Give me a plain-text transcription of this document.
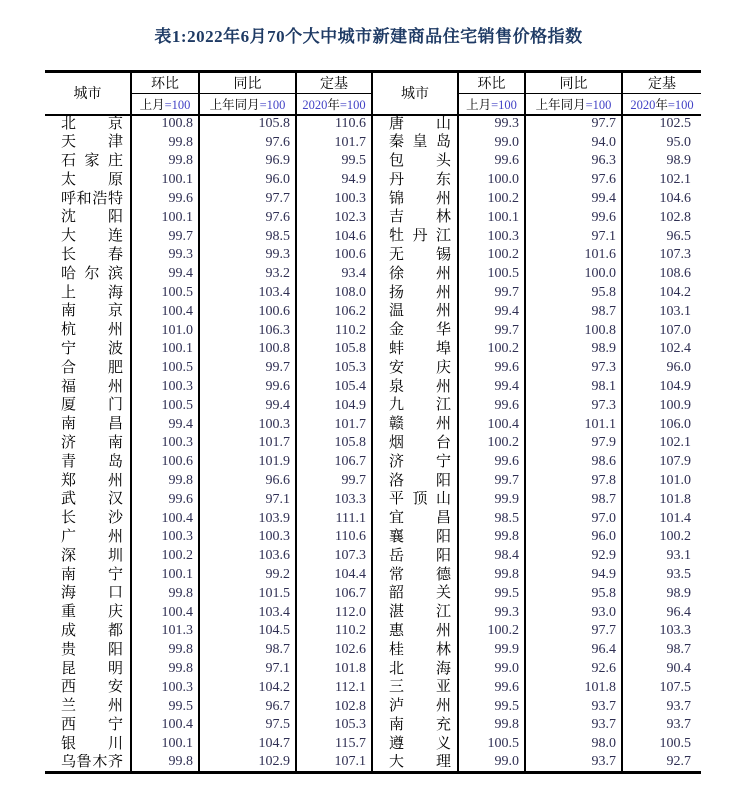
表1:2022年6月70个大中城市新建商品住宅销售价格指数
城市	环比	同比	定基	城市	环比	同比	定基
	上月=100	上年同月=100	2020年=100		上月=100	上年同月=100	2020年=100

北 京	100.8	105.8	110.6	唐 山	99.3	97.7	102.5

天 津	99.8	97.6	101.7	秦 皇 岛	99.0	94.0	95.0

石 家 庄	99.8	96.9	99.5	包 头	99.6	96.3	98.9

太 原	100.1	96.0	94.9	丹 东	100.0	97.6	102.1

呼 和 浩 特	99.6	97.7	100.3	锦 州	100.2	99.4	104.6

沈 阳	100.1	97.6	102.3	吉 林	100.1	99.6	102.8

大 连	99.7	98.5	104.6	牡 丹 江	100.3	97.1	96.5

长 春	99.3	99.3	100.6	无 锡	100.2	101.6	107.3

哈 尔 滨	99.4	93.2	93.4	徐 州	100.5	100.0	108.6

上 海	100.5	103.4	108.0	扬 州	99.7	95.8	104.2

南 京	100.4	100.6	106.2	温 州	99.4	98.7	103.1

杭 州	101.0	106.3	110.2	金 华	99.7	100.8	107.0

宁 波	100.1	100.8	105.8	蚌 埠	100.2	98.9	102.4

合 肥	100.5	99.7	105.3	安 庆	99.6	97.3	96.0

福 州	100.3	99.6	105.4	泉 州	99.4	98.1	104.9

厦 门	100.5	99.4	104.9	九 江	99.6	97.3	100.9

南 昌	99.4	100.3	101.7	赣 州	100.4	101.1	106.0

济 南	100.3	101.7	105.8	烟 台	100.2	97.9	102.1

青 岛	100.6	101.9	106.7	济 宁	99.6	98.6	107.9

郑 州	99.8	96.6	99.7	洛 阳	99.7	97.8	101.0

武 汉	99.6	97.1	103.3	平 顶 山	99.9	98.7	101.8

长 沙	100.4	103.9	111.1	宜 昌	98.5	97.0	101.4

广 州	100.3	100.3	110.6	襄 阳	99.8	96.0	100.2

深 圳	100.2	103.6	107.3	岳 阳	98.4	92.9	93.1

南 宁	100.1	99.2	104.4	常 德	99.8	94.9	93.5

海 口	99.8	101.5	106.7	韶 关	99.5	95.8	98.9

重 庆	100.4	103.4	112.0	湛 江	99.3	93.0	96.4

成 都	101.3	104.5	110.2	惠 州	100.2	97.7	103.3

贵 阳	99.8	98.7	102.6	桂 林	99.9	96.4	98.7

昆 明	99.8	97.1	101.8	北 海	99.0	92.6	90.4

西 安	100.3	104.2	112.1	三 亚	99.6	101.8	107.5

兰 州	99.5	96.7	102.8	泸 州	99.5	93.7	93.7

西 宁	100.4	97.5	105.3	南 充	99.8	93.7	93.7

银 川	100.1	104.7	115.7	遵 义	100.5	98.0	100.5

乌 鲁 木 齐	99.8	102.9	107.1	大 理	99.0	93.7	92.7
